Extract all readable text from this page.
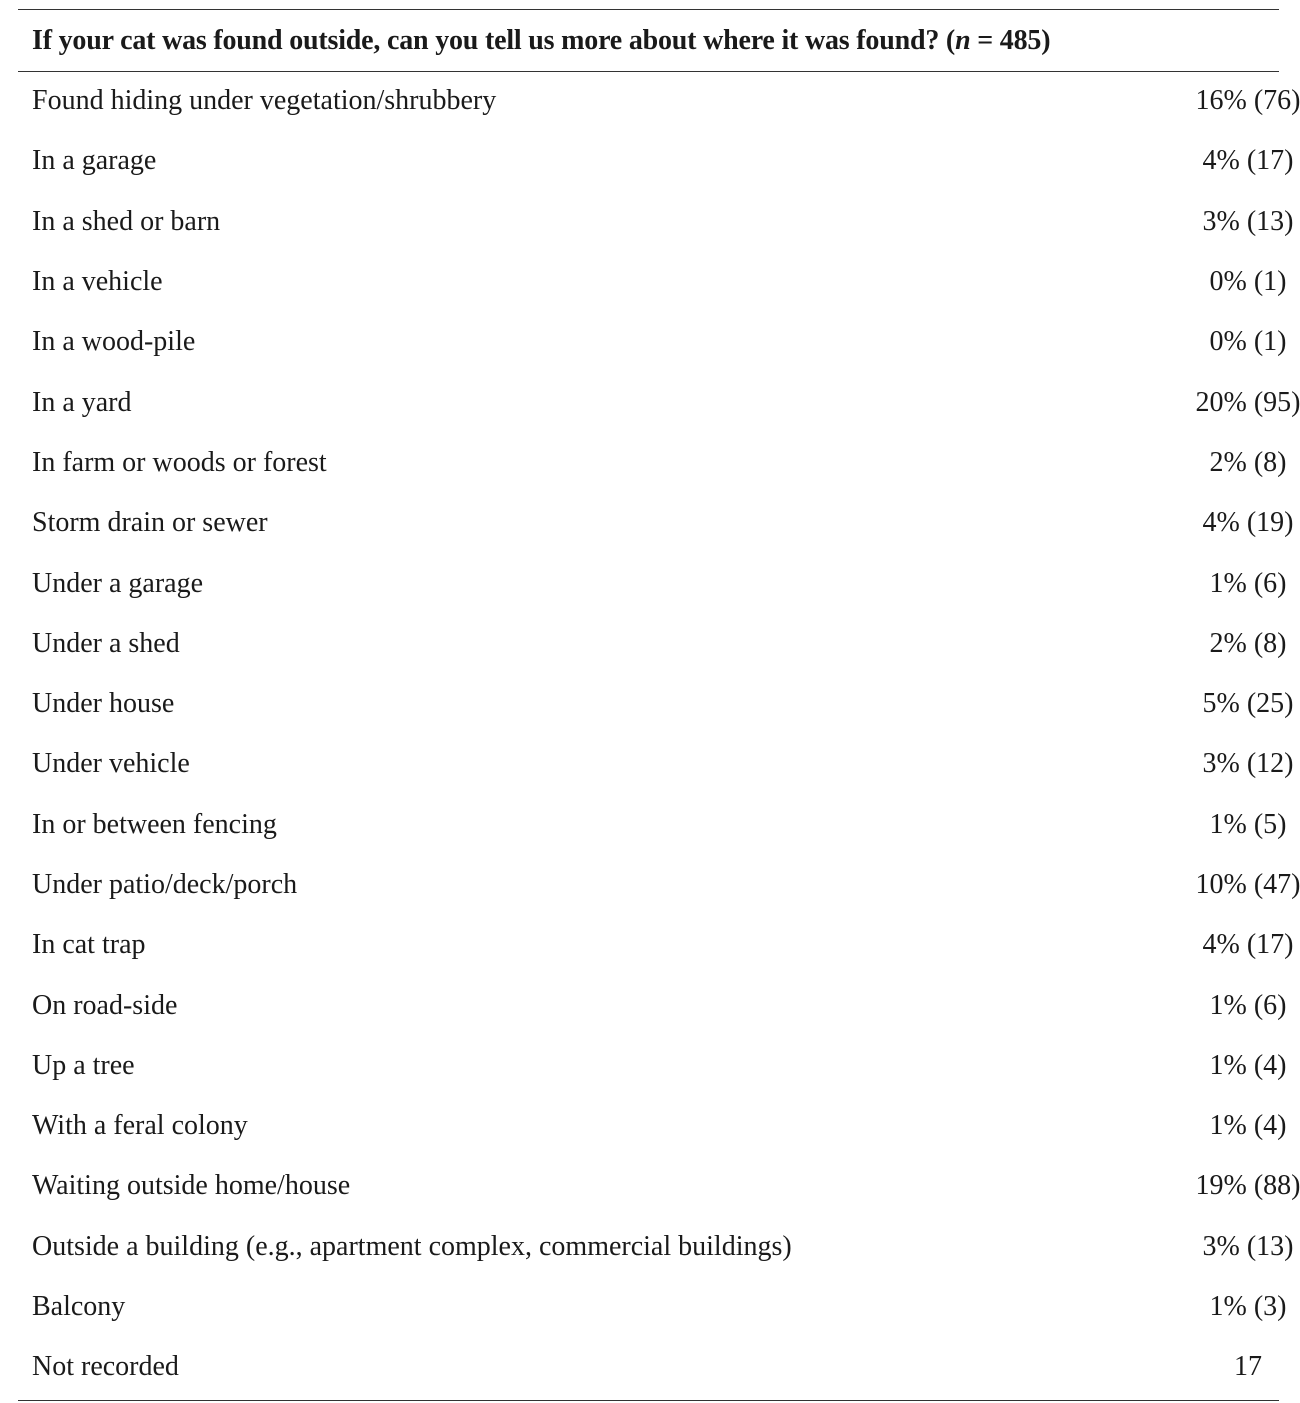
If your cat was found outside, can you tell us more about where it was found? (n = 485)
Found hiding under vegetation/shrubbery	16% (76)
In a garage	4% (17)
In a shed or barn	3% (13)
In a vehicle	0% (1)
In a wood-pile	0% (1)
In a yard	20% (95)
In farm or woods or forest	2% (8)
Storm drain or sewer	4% (19)
Under a garage	1% (6)
Under a shed	2% (8)
Under house	5% (25)
Under vehicle	3% (12)
In or between fencing	1% (5)
Under patio/deck/porch	10% (47)
In cat trap	4% (17)
On road-side	1% (6)
Up a tree	1% (4)
With a feral colony	1% (4)
Waiting outside home/house	19% (88)
Outside a building (e.g., apartment complex, commercial buildings)	3% (13)
Balcony	1% (3)
Not recorded	17
